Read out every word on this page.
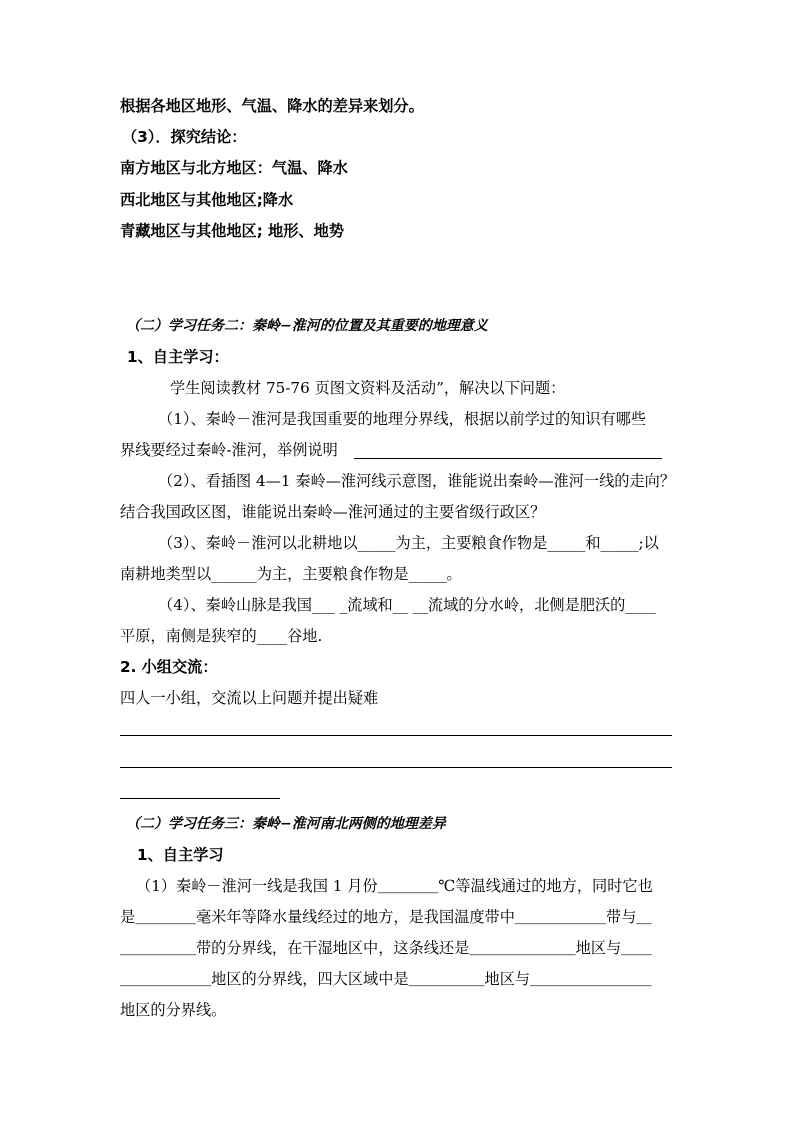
根据各地区地形、气温、降水的差异来划分。
（3）．探究结论：
南方地区与北方地区：气温、降水
西北地区与其他地区;降水
青藏地区与其他地区; 地形、地势
（二）学习任务二：秦岭−淮河的位置及其重要的地理意义
1、自主学习：
学生阅读教材 75-76 页图文资料及活动”，解决以下问题：
（1）、秦岭－淮河是我国重要的地理分界线，根据以前学过的知识有哪些
界线要经过秦岭-淮河，举例说明
（2）、看插图 4—1 秦岭—淮河线示意图，谁能说出秦岭—淮河一线的走向？
结合我国政区图，谁能说出秦岭—淮河通过的主要省级行政区？
（3）、秦岭－淮河以北耕地以_____为主，主要粮食作物是_____和_____;以
南耕地类型以______为主，主要粮食作物是_____。
（4）、秦岭山脉是我国___ _流域和__ __流域的分水岭，北侧是肥沃的____
平原，南侧是狭窄的____谷地.
2. 小组交流：
四人一小组，交流以上问题并提出疑难
（二）学习任务三：秦岭−淮河南北两侧的地理差异
1、自主学习
（1）秦岭－淮河一线是我国 1 月份＿＿＿＿℃等温线通过的地方，同时它也
是＿＿＿＿毫米年等降水量线经过的地方，是我国温度带中＿＿＿＿＿＿带与＿
＿＿＿＿＿带的分界线，在干湿地区中，这条线还是＿＿＿＿＿＿＿地区与＿＿
＿＿＿＿＿＿地区的分界线，四大区域中是＿＿＿＿＿地区与＿＿＿＿＿＿＿＿
地区的分界线。
